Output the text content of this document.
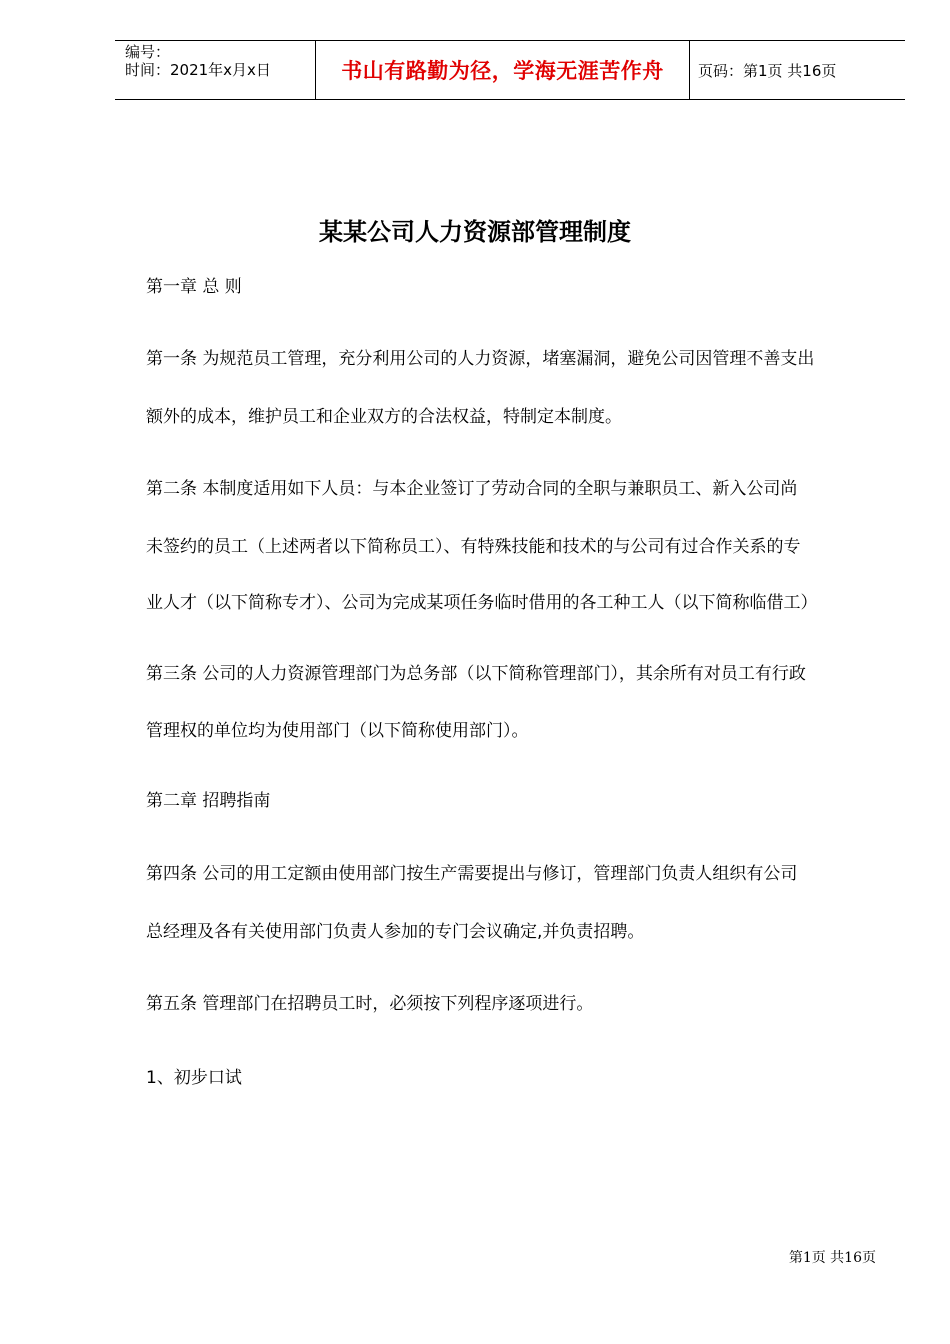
编号：
时间：2021年x月x日	书山有路勤为径，学海无涯苦作舟	页码：第1页 共16页
某某公司人力资源部管理制度
第一章 总 则
第一条 为规范员工管理，充分利用公司的人力资源，堵塞漏洞，避免公司因管理不善支出
额外的成本，维护员工和企业双方的合法权益，特制定本制度。
第二条 本制度适用如下人员：与本企业签订了劳动合同的全职与兼职员工、新入公司尚
未签约的员工（上述两者以下简称员工）、有特殊技能和技术的与公司有过合作关系的专
业人才（以下简称专才）、公司为完成某项任务临时借用的各工种工人（以下简称临借工）
第三条 公司的人力资源管理部门为总务部（以下简称管理部门），其余所有对员工有行政
管理权的单位均为使用部门（以下简称使用部门）。
第二章 招聘指南
第四条 公司的用工定额由使用部门按生产需要提出与修订，管理部门负责人组织有公司
总经理及各有关使用部门负责人参加的专门会议确定,并负责招聘。
第五条 管理部门在招聘员工时，必须按下列程序逐项进行。
1、初步口试
第1页 共16页
